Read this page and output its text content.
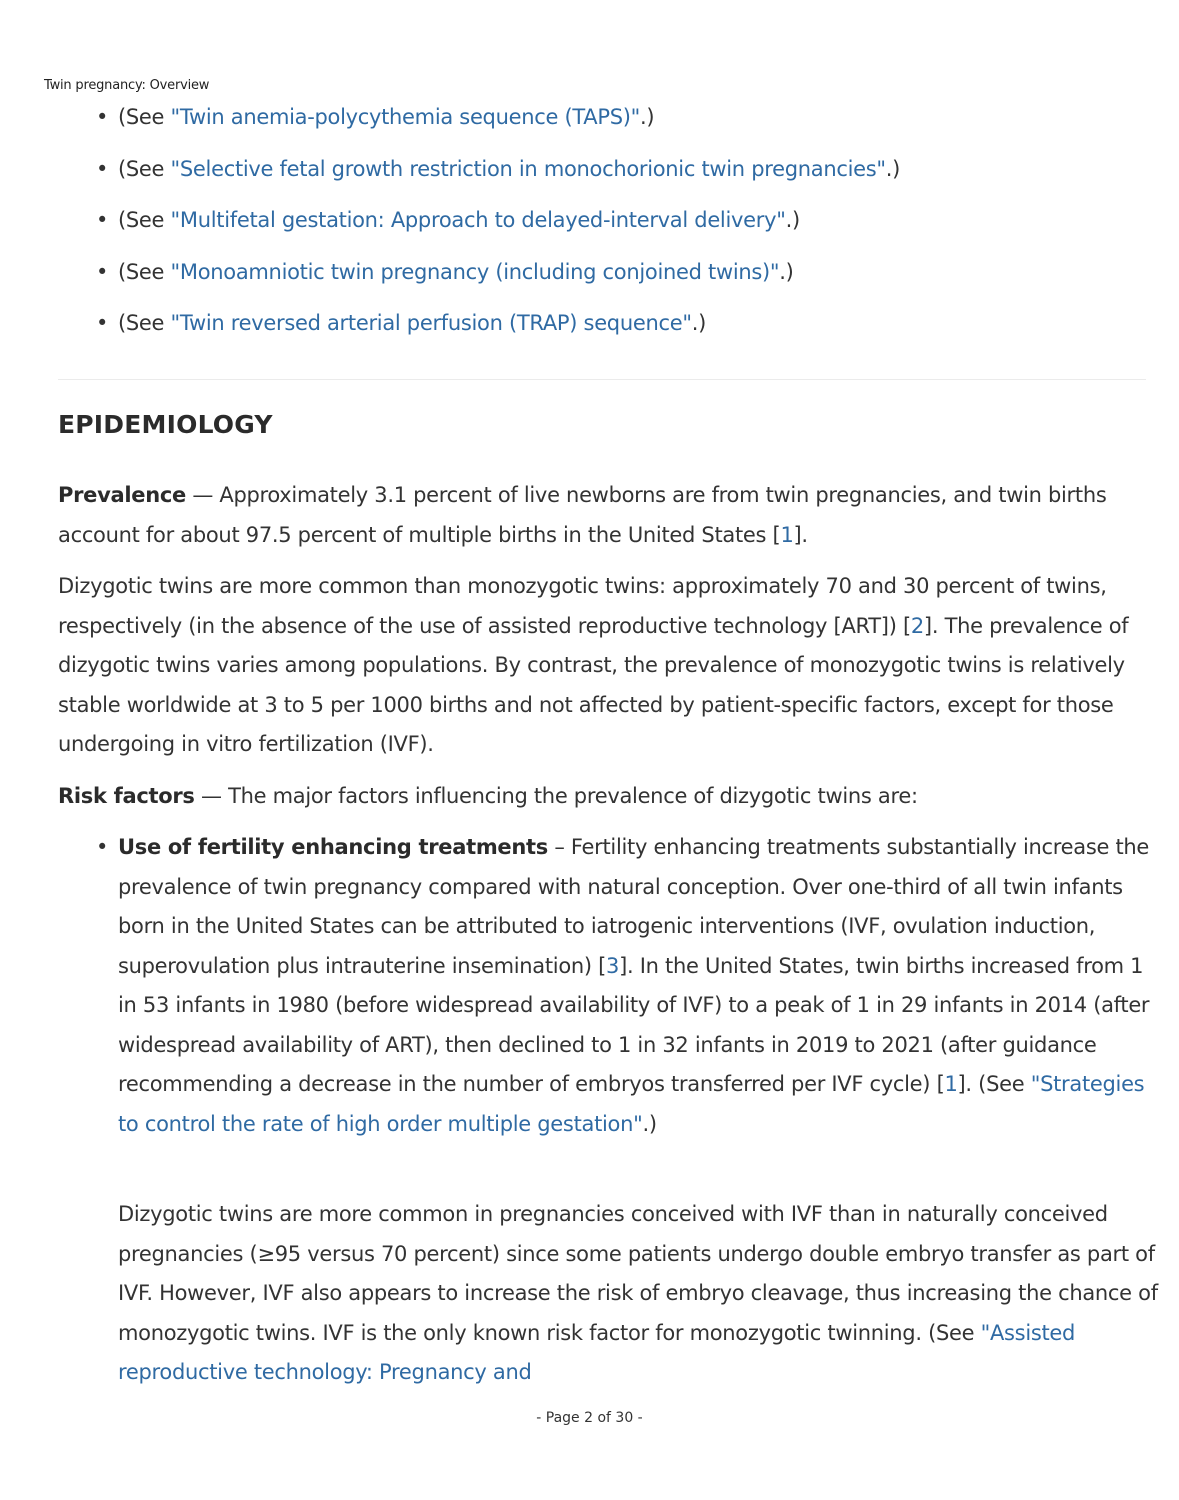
Twin pregnancy: Overview
• (See "Twin anemia-polycythemia sequence (TAPS)".)
• (See "Selective fetal growth restriction in monochorionic twin pregnancies".)
• (See "Multifetal gestation: Approach to delayed-interval delivery".)
• (See "Monoamniotic twin pregnancy (including conjoined twins)".)
• (See "Twin reversed arterial perfusion (TRAP) sequence".)
EPIDEMIOLOGY

Prevalence — Approximately 3.1 percent of live newborns are from twin pregnancies, and twin births account for about 97.5 percent of multiple births in the United States [1].

Dizygotic twins are more common than monozygotic twins: approximately 70 and 30 percent of twins, respectively (in the absence of the use of assisted reproductive technology [ART]) [2]. The prevalence of dizygotic twins varies among populations. By contrast, the prevalence of monozygotic twins is relatively stable worldwide at 3 to 5 per 1000 births and not affected by patient-specific factors, except for those undergoing in vitro fertilization (IVF).

Risk factors — The major factors influencing the prevalence of dizygotic twins are:

• Use of fertility enhancing treatments – Fertility enhancing treatments substantially increase the prevalence of twin pregnancy compared with natural conception. Over one-third of all twin infants born in the United States can be attributed to iatrogenic interventions (IVF, ovulation induction, superovulation plus intrauterine insemination) [3]. In the United States, twin births increased from 1 in 53 infants in 1980 (before widespread availability of IVF) to a peak of 1 in 29 infants in 2014 (after widespread availability of ART), then declined to 1 in 32 infants in 2019 to 2021 (after guidance recommending a decrease in the number of embryos transferred per IVF cycle) [1]. (See "Strategies to control the rate of high order multiple gestation".)

Dizygotic twins are more common in pregnancies conceived with IVF than in naturally conceived pregnancies (≥95 versus 70 percent) since some patients undergo double embryo transfer as part of IVF. However, IVF also appears to increase the risk of embryo cleavage, thus increasing the chance of monozygotic twins. IVF is the only known risk factor for monozygotic twinning. (See "Assisted reproductive technology: Pregnancy and

- Page 2 of 30 -
